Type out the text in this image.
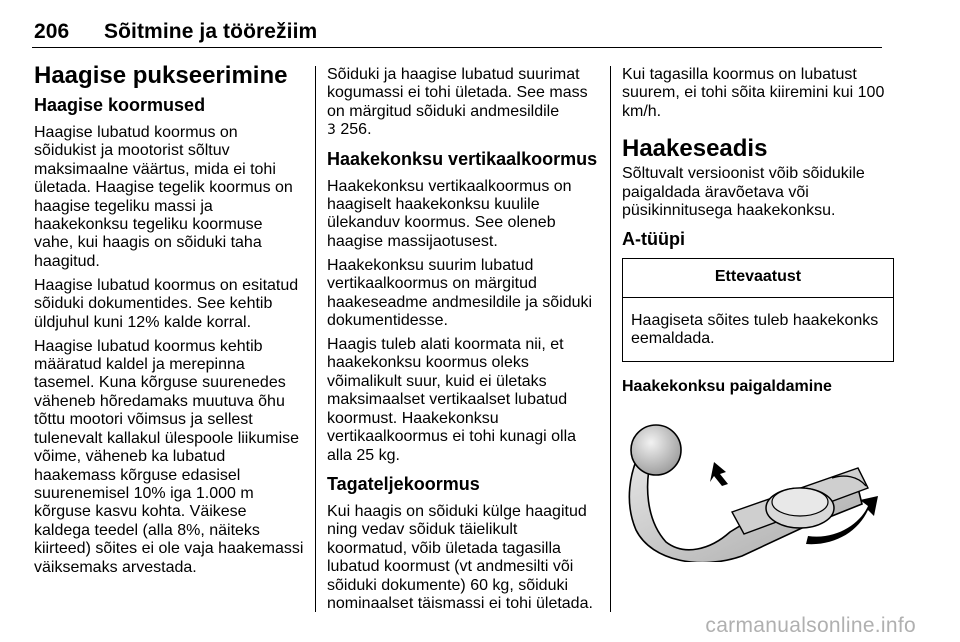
206 Sõitmine ja töörežiim
Haagise pukseerimine
Haagise koormused

Haagise lubatud koormus on sõidukist ja mootorist sõltuv maksimaalne väärtus, mida ei tohi ületada. Haagise tegelik koormus on haagise tegeliku massi ja haakekonksu tegeliku koormuse vahe, kui haagis on sõiduki taha haagitud.

Haagise lubatud koormus on esitatud sõiduki dokumentides. See kehtib üldjuhul kuni 12% kalde korral.

Haagise lubatud koormus kehtib määratud kaldel ja merepinna tasemel. Kuna kõrguse suurenedes väheneb hõredamaks muutuva õhu tõttu mootori võimsus ja sellest tulenevalt kallakul ülespoole liikumise võime, väheneb ka lubatud haakemass kõrguse edasisel suurenemisel 10% iga 1.000 m kõrguse kasvu kohta. Väikese kaldega teedel (alla 8%, näiteks kiirteed) sõites ei ole vaja haakemassi väiksemaks arvestada.

Sõiduki ja haagise lubatud suurimat kogumassi ei tohi ületada. See mass on märgitud sõiduki andmesildile
3 256.

Haakekonksu vertikaalkoormus

Haakekonksu vertikaalkoormus on haagiselt haakekonksu kuulile ülekanduv koormus. See oleneb haagise massijaotusest.

Haakekonksu suurim lubatud vertikaalkoormus on märgitud haakeseadme andmesildile ja sõiduki dokumentidesse.

Haagis tuleb alati koormata nii, et haakekonksu koormus oleks võimalikult suur, kuid ei ületaks maksimaalset vertikaalset lubatud koormust. Haakekonksu vertikaalkoormus ei tohi kunagi olla alla 25 kg.

Tagateljekoormus

Kui haagis on sõiduki külge haagitud ning vedav sõiduk täielikult koormatud, võib ületada tagasilla lubatud koormust (vt andmesilti või sõiduki dokumente) 60 kg, sõiduki nominaalset täismassi ei tohi ületada.

Kui tagasilla koormus on lubatust suurem, ei tohi sõita kiiremini kui 100 km/h.

Haakeseadis

Sõltuvalt versioonist võib sõidukile paigaldada äravõetava või püsikinnitusega haakekonksu.

A-tüüpi
Ettevaatust
Haagiseta sõites tuleb haakekonks eemaldada.
Haakekonksu paigaldamine
carmanualsonline.info
